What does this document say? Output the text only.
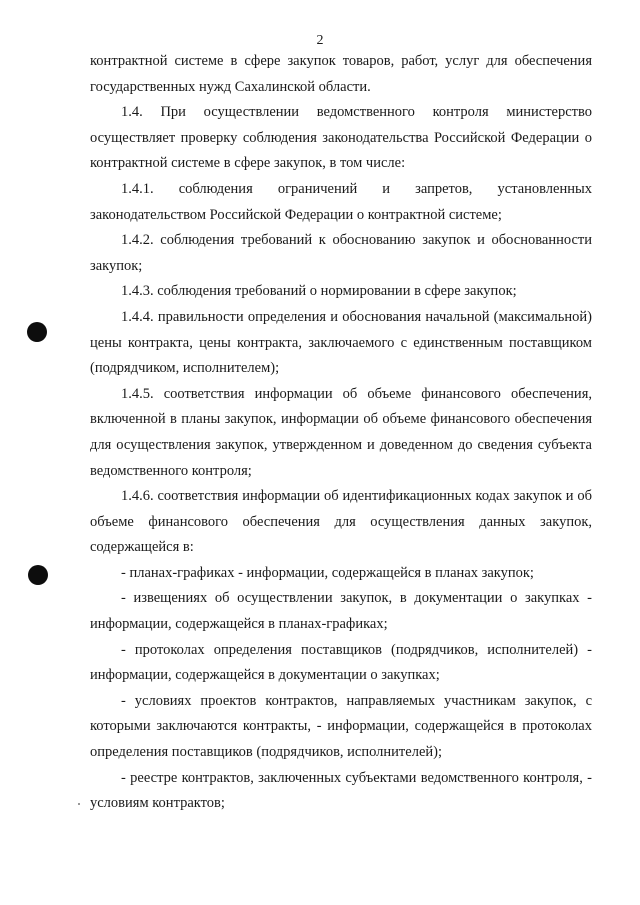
2

контрактной системе в сфере закупок товаров, работ, услуг для обеспечения государственных нужд Сахалинской области.

1.4. При осуществлении ведомственного контроля министерство осуществляет проверку соблюдения законодательства Российской Федерации о контрактной системе в сфере закупок, в том числе:

1.4.1. соблюдения ограничений и запретов, установленных законодательством Российской Федерации о контрактной системе;

1.4.2. соблюдения требований к обоснованию закупок и обоснованности закупок;

1.4.3. соблюдения требований о нормировании в сфере закупок;

1.4.4. правильности определения и обоснования начальной (максимальной) цены контракта, цены контракта, заключаемого с единственным поставщиком (подрядчиком, исполнителем);

1.4.5. соответствия информации об объеме финансового обеспечения, включенной в планы закупок, информации об объеме финансового обеспечения для осуществления закупок, утвержденном и доведенном до сведения субъекта ведомственного контроля;

1.4.6. соответствия информации об идентификационных кодах закупок и об объеме финансового обеспечения для осуществления данных закупок, содержащейся в:

- планах-графиках - информации, содержащейся в планах закупок;

- извещениях об осуществлении закупок, в документации о закупках - информации, содержащейся в планах-графиках;

- протоколах определения поставщиков (подрядчиков, исполнителей) - информации, содержащейся в документации о закупках;

- условиях проектов контрактов, направляемых участникам закупок, с которыми заключаются контракты, - информации, содержащейся в протоколах определения поставщиков (подрядчиков, исполнителей);

- реестре контрактов, заключенных субъектами ведомственного контроля, - условиям контрактов;
